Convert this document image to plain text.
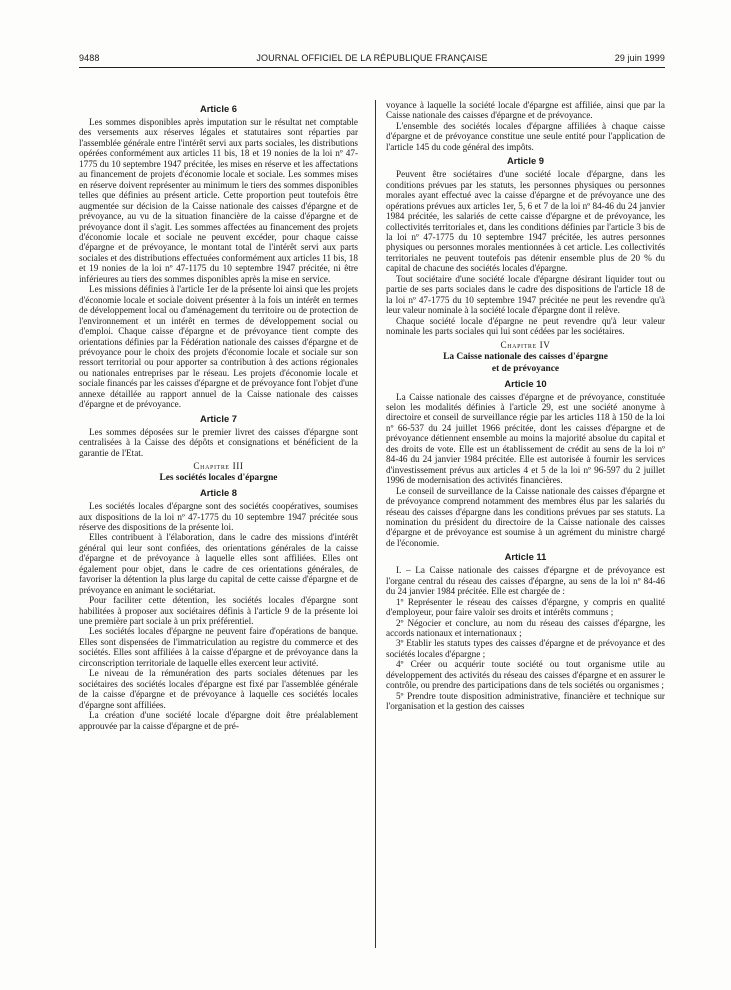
9488	JOURNAL OFFICIEL DE LA RÉPUBLIQUE FRANÇAISE	29 juin 1999
Article 6

Les sommes disponibles après imputation sur le résultat net comptable des versements aux réserves légales et statutaires sont réparties par l'assemblée générale entre l'intérêt servi aux parts sociales, les distributions opérées conformément aux articles 11 bis, 18 et 19 nonies de la loi nº 47-1775 du 10 septembre 1947 précitée, les mises en réserve et les affectations au financement de projets d'économie locale et sociale. Les sommes mises en réserve doivent représenter au minimum le tiers des sommes disponibles telles que définies au présent article. Cette proportion peut toutefois être augmentée sur décision de la Caisse nationale des caisses d'épargne et de prévoyance, au vu de la situation financière de la caisse d'épargne et de prévoyance dont il s'agit. Les sommes affectées au financement des projets d'économie locale et sociale ne peuvent excéder, pour chaque caisse d'épargne et de prévoyance, le montant total de l'intérêt servi aux parts sociales et des distributions effectuées conformément aux articles 11 bis, 18 et 19 nonies de la loi nº 47-1175 du 10 septembre 1947 précitée, ni être inférieures au tiers des sommes disponibles après la mise en service.

Les missions définies à l'article 1er de la présente loi ainsi que les projets d'économie locale et sociale doivent présenter à la fois un intérêt en termes de développement local ou d'aménagement du territoire ou de protection de l'environnement et un intérêt en termes de développement social ou d'emploi. Chaque caisse d'épargne et de prévoyance tient compte des orientations définies par la Fédération nationale des caisses d'épargne et de prévoyance pour le choix des projets d'économie locale et sociale sur son ressort territorial ou pour apporter sa contribution à des actions régionales ou nationales entreprises par le réseau. Les projets d'économie locale et sociale financés par les caisses d'épargne et de prévoyance font l'objet d'une annexe détaillée au rapport annuel de la Caisse nationale des caisses d'épargne et de prévoyance.

Article 7

Les sommes déposées sur le premier livret des caisses d'épargne sont centralisées à la Caisse des dépôts et consignations et bénéficient de la garantie de l'Etat.

Chapitre III
Les sociétés locales d'épargne
Article 8

Les sociétés locales d'épargne sont des sociétés coopératives, soumises aux dispositions de la loi nº 47-1775 du 10 septembre 1947 précitée sous réserve des dispositions de la présente loi.

Elles contribuent à l'élaboration, dans le cadre des missions d'intérêt général qui leur sont confiées, des orientations générales de la caisse d'épargne et de prévoyance à laquelle elles sont affiliées. Elles ont également pour objet, dans le cadre de ces orientations générales, de favoriser la détention la plus large du capital de cette caisse d'épargne et de prévoyance en animant le sociétariat.

Pour faciliter cette détention, les sociétés locales d'épargne sont habilitées à proposer aux sociétaires définis à l'article 9 de la présente loi une première part sociale à un prix préférentiel.

Les sociétés locales d'épargne ne peuvent faire d'opérations de banque. Elles sont dispensées de l'immatriculation au registre du commerce et des sociétés. Elles sont affiliées à la caisse d'épargne et de prévoyance dans la circonscription territoriale de laquelle elles exercent leur activité.

Le niveau de la rémunération des parts sociales détenues par les sociétaires des sociétés locales d'épargne est fixé par l'assemblée générale de la caisse d'épargne et de prévoyance à laquelle ces sociétés locales d'épargne sont affiliées.

La création d'une société locale d'épargne doit être préalablement approuvée par la caisse d'épargne et de pré-

voyance à laquelle la société locale d'épargne est affiliée, ainsi que par la Caisse nationale des caisses d'épargne et de prévoyance.

L'ensemble des sociétés locales d'épargne affiliées à chaque caisse d'épargne et de prévoyance constitue une seule entité pour l'application de l'article 145 du code général des impôts.

Article 9

Peuvent être sociétaires d'une société locale d'épargne, dans les conditions prévues par les statuts, les personnes physiques ou personnes morales ayant effectué avec la caisse d'épargne et de prévoyance une des opérations prévues aux articles 1er, 5, 6 et 7 de la loi nº 84-46 du 24 janvier 1984 précitée, les salariés de cette caisse d'épargne et de prévoyance, les collectivités territoriales et, dans les conditions définies par l'article 3 bis de la loi nº 47-1775 du 10 septembre 1947 précitée, les autres personnes physiques ou personnes morales mentionnées à cet article. Les collectivités territoriales ne peuvent toutefois pas détenir ensemble plus de 20 % du capital de chacune des sociétés locales d'épargne.

Tout sociétaire d'une société locale d'épargne désirant liquider tout ou partie de ses parts sociales dans le cadre des dispositions de l'article 18 de la loi nº 47-1775 du 10 septembre 1947 précitée ne peut les revendre qu'à leur valeur nominale à la société locale d'épargne dont il relève.

Chaque société locale d'épargne ne peut revendre qu'à leur valeur nominale les parts sociales qui lui sont cédées par les sociétaires.

Chapitre IV
La Caisse nationale des caisses d'épargne
et de prévoyance
Article 10

La Caisse nationale des caisses d'épargne et de prévoyance, constituée selon les modalités définies à l'article 29, est une société anonyme à directoire et conseil de surveillance régie par les articles 118 à 150 de la loi nº 66-537 du 24 juillet 1966 précitée, dont les caisses d'épargne et de prévoyance détiennent ensemble au moins la majorité absolue du capital et des droits de vote. Elle est un établissement de crédit au sens de la loi nº 84-46 du 24 janvier 1984 précitée. Elle est autorisée à fournir les services d'investissement prévus aux articles 4 et 5 de la loi nº 96-597 du 2 juillet 1996 de modernisation des activités financières.

Le conseil de surveillance de la Caisse nationale des caisses d'épargne et de prévoyance comprend notamment des membres élus par les salariés du réseau des caisses d'épargne dans les conditions prévues par ses statuts. La nomination du président du directoire de la Caisse nationale des caisses d'épargne et de prévoyance est soumise à un agrément du ministre chargé de l'économie.

Article 11

I. – La Caisse nationale des caisses d'épargne et de prévoyance est l'organe central du réseau des caisses d'épargne, au sens de la loi nº 84-46 du 24 janvier 1984 précitée. Elle est chargée de :

1º Représenter le réseau des caisses d'épargne, y compris en qualité d'employeur, pour faire valoir ses droits et intérêts communs ;

2º Négocier et conclure, au nom du réseau des caisses d'épargne, les accords nationaux et internationaux ;

3º Etablir les statuts types des caisses d'épargne et de prévoyance et des sociétés locales d'épargne ;

4º Créer ou acquérir toute société ou tout organisme utile au développement des activités du réseau des caisses d'épargne et en assurer le contrôle, ou prendre des participations dans de tels sociétés ou organismes ;

5º Prendre toute disposition administrative, financière et technique sur l'organisation et la gestion des caisses
